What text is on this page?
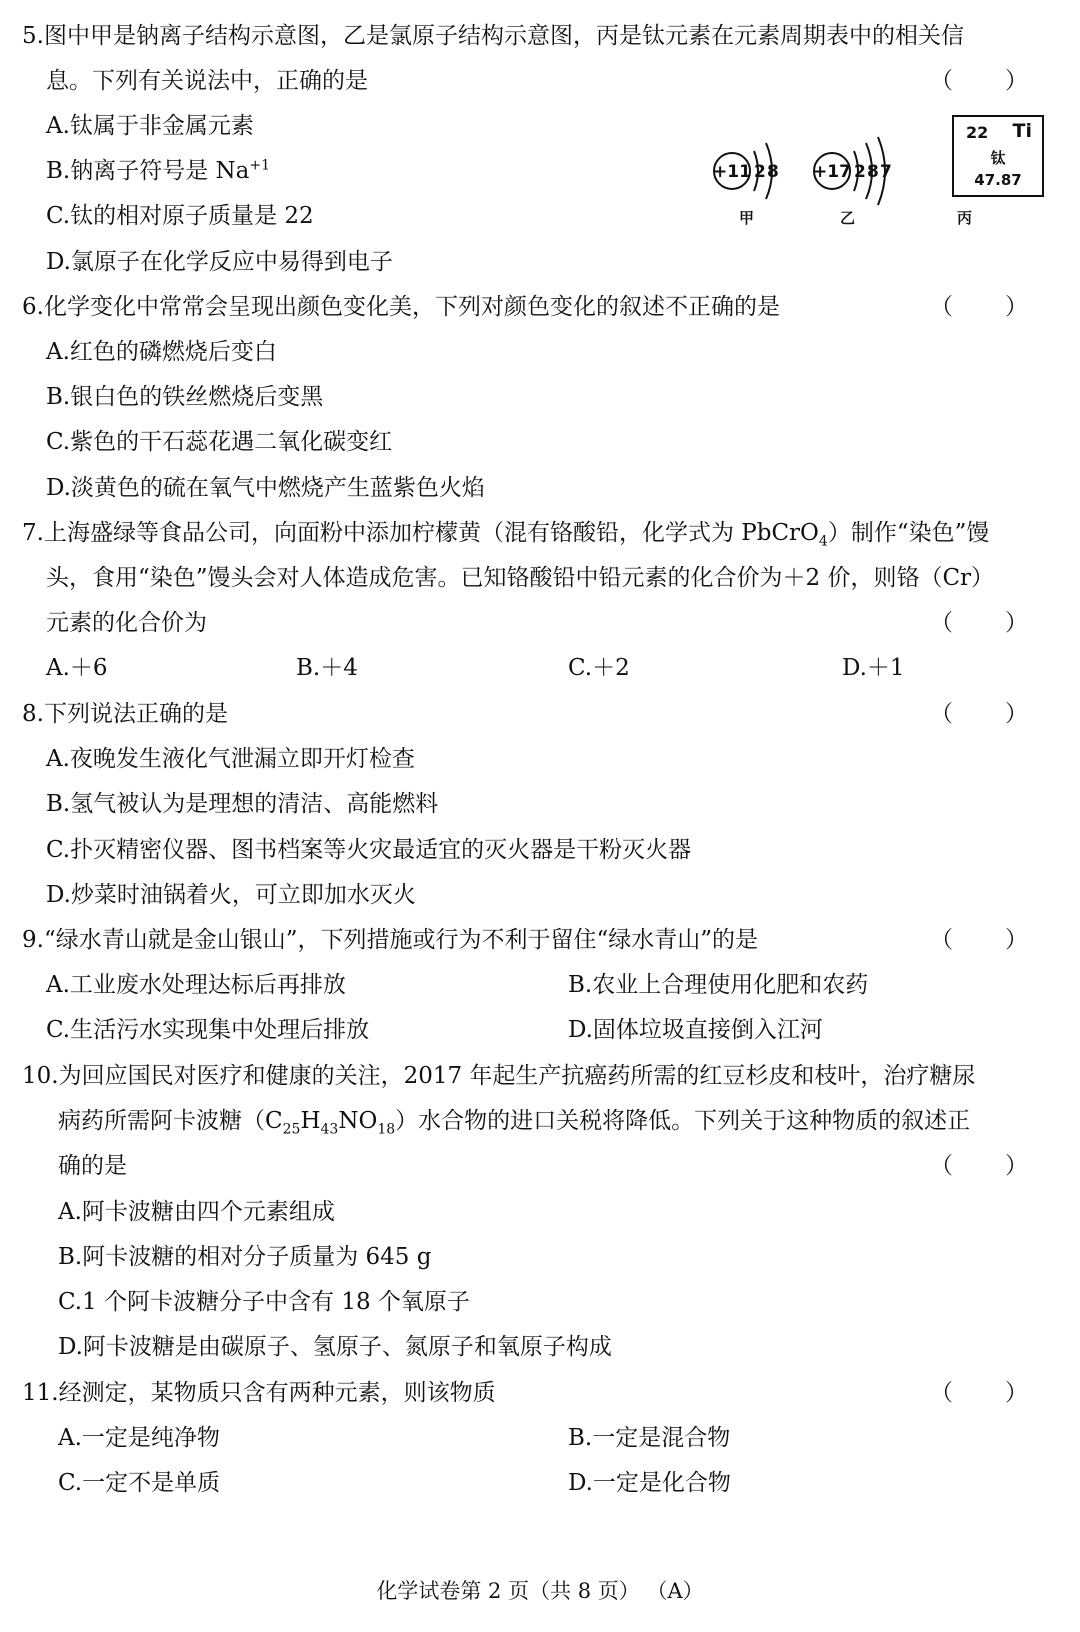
5.图中甲是钠离子结构示意图，乙是氯原子结构示意图，丙是钛元素在元素周期表中的相关信
息。下列有关说法中，正确的是	（ ）
A.钛属于非金属元素
B.钠离子符号是 $Na^{+1}$
C.钛的相对原子质量是 22
D.氯原子在化学反应中易得到电子
+11 2 8 +17 2 8 7
22 Ti
钛
47.87
甲	乙	丙
6.化学变化中常常会呈现出颜色变化美，下列对颜色变化的叙述不正确的是	（ ）
A.红色的磷燃烧后变白
B.银白色的铁丝燃烧后变黑
C.紫色的干石蕊花遇二氧化碳变红
D.淡黄色的硫在氧气中燃烧产生蓝紫色火焰
7.上海盛绿等食品公司，向面粉中添加柠檬黄（混有铬酸铅，化学式为 PbCrO$_4$）制作“染色”馒
头，食用“染色”馒头会对人体造成危害。已知铬酸铅中铅元素的化合价为＋2 价，则铬（Cr）
元素的化合价为	（ ）
A.＋6	B.＋4	C.＋2	D.＋1
8.下列说法正确的是	（ ）
A.夜晚发生液化气泄漏立即开灯检查
B.氢气被认为是理想的清洁、高能燃料
C.扑灭精密仪器、图书档案等火灾最适宜的灭火器是干粉灭火器
D.炒菜时油锅着火，可立即加水灭火
9.“绿水青山就是金山银山”，下列措施或行为不利于留住“绿水青山”的是	（ ）
A.工业废水处理达标后再排放	B.农业上合理使用化肥和农药
C.生活污水实现集中处理后排放	D.固体垃圾直接倒入江河
10.为回应国民对医疗和健康的关注，2017 年起生产抗癌药所需的红豆杉皮和枝叶，治疗糖尿
病药所需阿卡波糖$(C_{25}H_{43}NO_{18})$水合物的进口关税将降低。下列关于这种物质的叙述正
确的是	（ ）
A.阿卡波糖由四个元素组成
B.阿卡波糖的相对分子质量为 645 g
C.1 个阿卡波糖分子中含有 18 个氧原子
D.阿卡波糖是由碳原子、氢原子、氮原子和氧原子构成
11.经测定，某物质只含有两种元素，则该物质	（ ）
A.一定是纯净物	B.一定是混合物
C.一定不是单质	D.一定是化合物
化学试卷第 2 页（共 8 页） （A）
